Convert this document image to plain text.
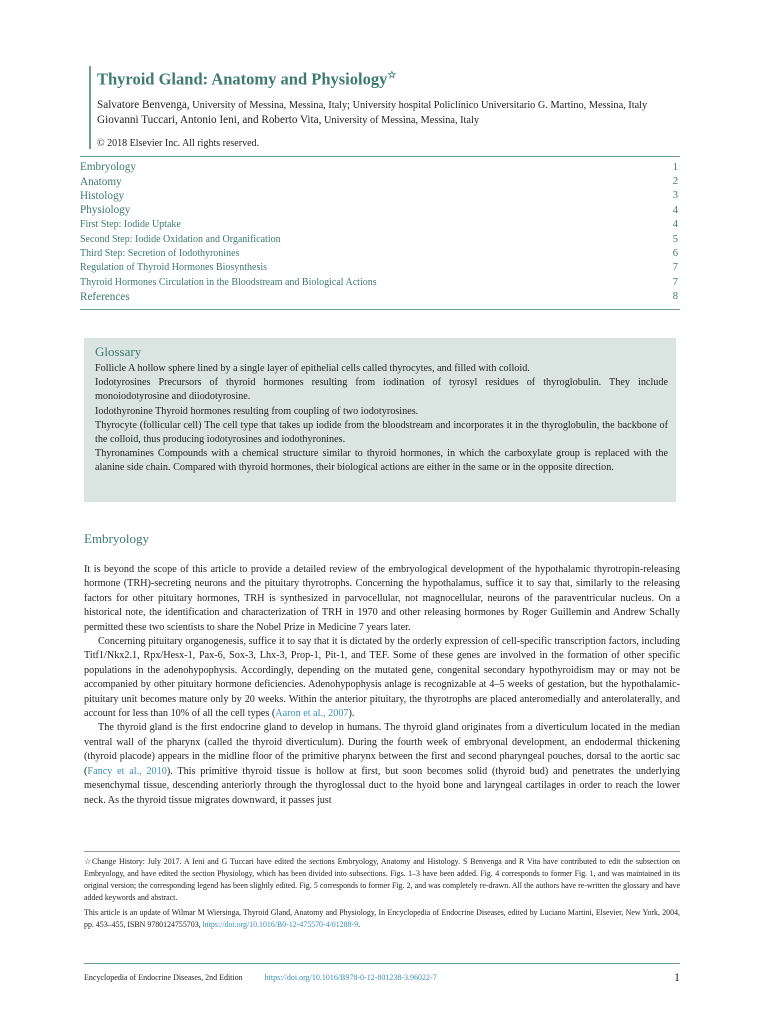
Thyroid Gland: Anatomy and Physiology☆
Salvatore Benvenga, University of Messina, Messina, Italy; University hospital Policlinico Universitario G. Martino, Messina, Italy
Giovanni Tuccari, Antonio Ieni, and Roberto Vita, University of Messina, Messina, Italy
© 2018 Elsevier Inc. All rights reserved.
Embryology	1
Anatomy	2
Histology	3
Physiology	4
First Step: Iodide Uptake	4
Second Step: Iodide Oxidation and Organification	5
Third Step: Secretion of Iodothyronines	6
Regulation of Thyroid Hormones Biosynthesis	7
Thyroid Hormones Circulation in the Bloodstream and Biological Actions	7
References	8
Glossary

Follicle A hollow sphere lined by a single layer of epithelial cells called thyrocytes, and filled with colloid.

Iodotyrosines Precursors of thyroid hormones resulting from iodination of tyrosyl residues of thyroglobulin. They include monoiodotyrosine and diiodotyrosine.

Iodothyronine Thyroid hormones resulting from coupling of two iodotyrosines.

Thyrocyte (follicular cell) The cell type that takes up iodide from the bloodstream and incorporates it in the thyroglobulin, the backbone of the colloid, thus producing iodotyrosines and iodothyronines.

Thyronamines Compounds with a chemical structure similar to thyroid hormones, in which the carboxylate group is replaced with the alanine side chain. Compared with thyroid hormones, their biological actions are either in the same or in the opposite direction.

Embryology

It is beyond the scope of this article to provide a detailed review of the embryological development of the hypothalamic thyrotropin-releasing hormone (TRH)-secreting neurons and the pituitary thyrotrophs. Concerning the hypothalamus, suffice it to say that, similarly to the releasing factors for other pituitary hormones, TRH is synthesized in parvocellular, not magnocellular, neurons of the paraventricular nucleus. On a historical note, the identification and characterization of TRH in 1970 and other releasing hormones by Roger Guillemin and Andrew Schally permitted these two scientists to share the Nobel Prize in Medicine 7 years later.

Concerning pituitary organogenesis, suffice it to say that it is dictated by the orderly expression of cell-specific transcription factors, including Titf1/Nkx2.1, Rpx/Hesx-1, Pax-6, Sox-3, Lhx-3, Prop-1, Pit-1, and TEF. Some of these genes are involved in the formation of other specific populations in the adenohypophysis. Accordingly, depending on the mutated gene, congenital secondary hypothyroidism may or may not be accompanied by other pituitary hormone deficiencies. Adenohypophysis anlage is recognizable at 4–5 weeks of gestation, but the hypothalamic-pituitary unit becomes mature only by 20 weeks. Within the anterior pituitary, the thyrotrophs are placed anteromedially and anterolaterally, and account for less than 10% of all the cell types (Aaron et al., 2007).

The thyroid gland is the first endocrine gland to develop in humans. The thyroid gland originates from a diverticulum located in the median ventral wall of the pharynx (called the thyroid diverticulum). During the fourth week of embryonal development, an endodermal thickening (thyroid placode) appears in the midline floor of the primitive pharynx between the first and second pharyngeal pouches, dorsal to the aortic sac (Fancy et al., 2010). This primitive thyroid tissue is hollow at first, but soon becomes solid (thyroid bud) and penetrates the underlying mesenchymal tissue, descending anteriorly through the thyroglossal duct to the hyoid bone and laryngeal cartilages in order to reach the lower neck. As the thyroid tissue migrates downward, it passes just

☆Change History: July 2017. A Ieni and G Tuccari have edited the sections Embryology, Anatomy and Histology. S Benvenga and R Vita have contributed to edit the subsection on Embryology, and have edited the section Physiology, which has been divided into subsections. Figs. 1–3 have been added. Fig. 4 corresponds to former Fig. 1, and was maintained in its original version; the corresponding legend has been slightly edited. Fig. 5 corresponds to former Fig. 2, and was completely re-drawn. All the authors have re-written the glossary and have added keywords and abstract.

This article is an update of Wilmar M Wiersinga, Thyroid Gland, Anatomy and Physiology, In Encyclopedia of Endocrine Diseases, edited by Luciano Martini, Elsevier, New York, 2004, pp. 453–455, ISBN 9780124755703, https://doi.org/10.1016/B0-12-475570-4/01288-9.

Encyclopedia of Endocrine Diseases, 2nd Edition	https://doi.org/10.1016/B978-0-12-801238-3.96022-7	1
